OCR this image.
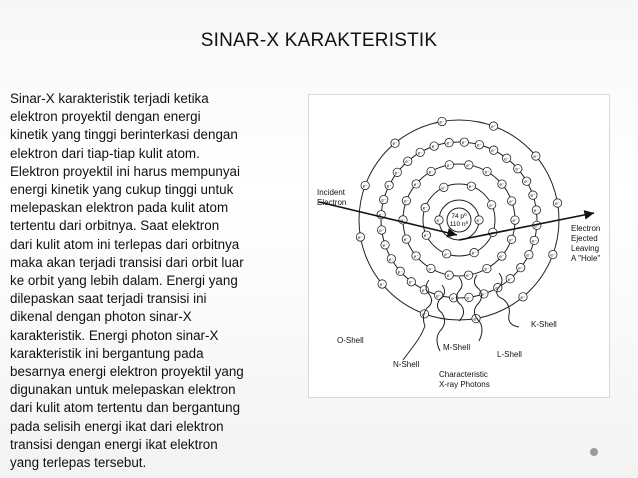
SINAR-X KARAKTERISTIK
Sinar-X karakteristik terjadi ketika
elektron proyektil dengan energi
kinetik yang tinggi berinterkasi dengan
elektron dari tiap-tiap kulit atom.
Elektron proyektil ini harus mempunyai
energi kinetik yang cukup tinggi untuk
melepaskan elektron pada kulit atom
tertentu dari orbitnya. Saat elektron
dari kulit atom ini terlepas dari orbitnya
maka akan terjadi transisi dari orbit luar
ke orbit yang lebih dalam. Energi yang
dilepaskan saat terjadi transisi ini
dikenal dengan photon sinar-X
karakteristik. Energi photon sinar-X
karakteristik ini bergantung pada
besarnya energi elektron proyektil yang
digunakan untuk melepaskan elektron
dari kulit atom tertentu dan bergantung
pada selisih energi ikat dari elektron
transisi dengan energi ikat elektron
yang terlepas tersebut.
74 p⁰
110 n⁰
e⁻
e⁻
e⁻
e⁻
e⁻
e⁻
e⁻	e⁻
e⁻
e⁻
e⁻
e⁻
e⁻
e⁻
e⁻
e⁻
e⁻
e⁻
e⁻
e⁻
e⁻	e⁻
e⁻
e⁻
e⁻
e⁻
e⁻
e⁻
e⁻
e⁻
e⁻
e⁻
e⁻
e⁻
e⁻
e⁻
e⁻
e⁻
e⁻
e⁻
e⁻
e⁻
e⁻
e⁻
e⁻
e⁻ e⁻
e⁻
e⁻
e⁻
e⁻
e⁻
e⁻
e⁻
e⁻
e⁻
e⁻
e⁻
e⁻
e⁻
e⁻
e⁻
e⁻
e⁻
e⁻
e⁻
e⁻
e⁻
e⁻
e⁻
e⁻
Incident
Electron
Electron
Ejected
Leaving
A "Hole"
K-Shell
O-Shell
M-Shell
L-Shell
N-Shell
Characteristic
X-ray Photons
